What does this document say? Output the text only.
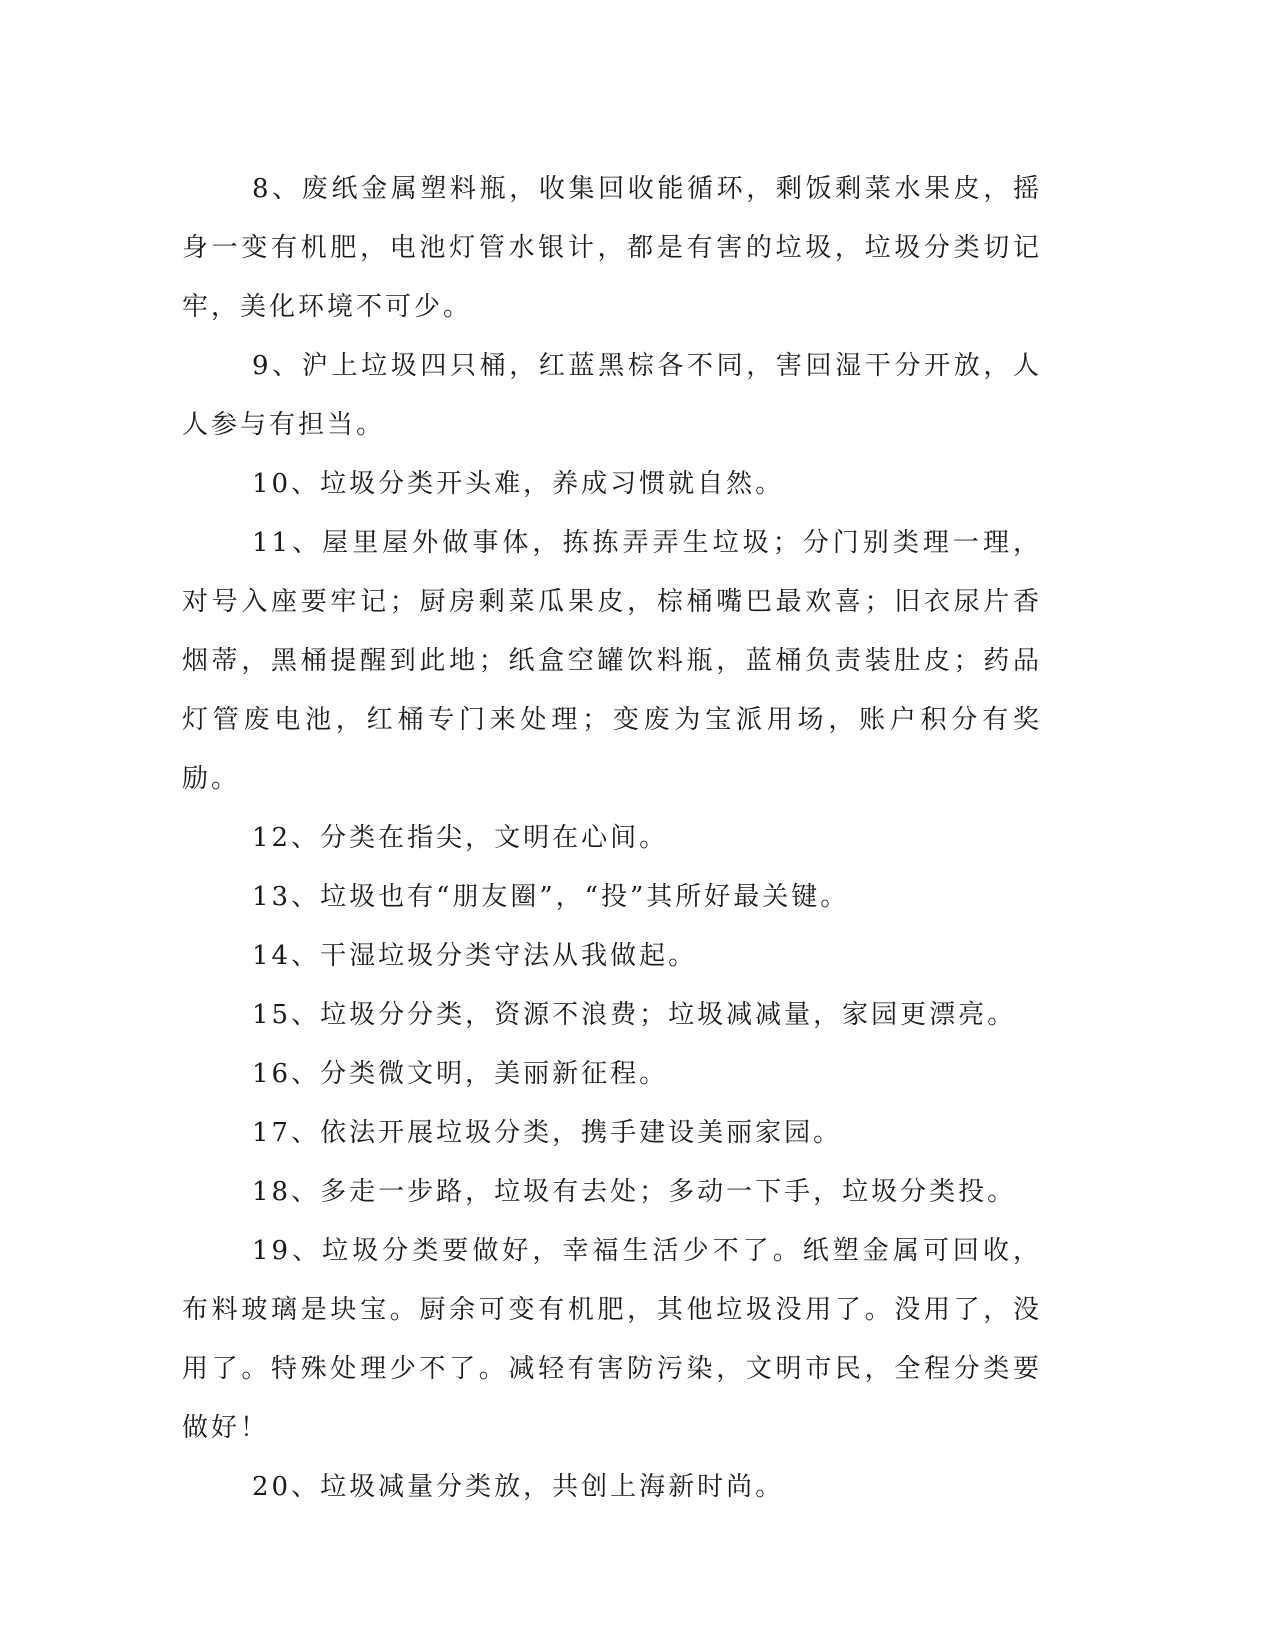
8、废纸金属塑料瓶，收集回收能循环，剩饭剩菜水果皮，摇身一变有机肥，电池灯管水银计，都是有害的垃圾，垃圾分类切记牢，美化环境不可少。

9、沪上垃圾四只桶，红蓝黑棕各不同，害回湿干分开放，人人参与有担当。

10、垃圾分类开头难，养成习惯就自然。

11、屋里屋外做事体，拣拣弄弄生垃圾；分门别类理一理，对号入座要牢记；厨房剩菜瓜果皮，棕桶嘴巴最欢喜；旧衣尿片香烟蒂，黑桶提醒到此地；纸盒空罐饮料瓶，蓝桶负责装肚皮；药品灯管废电池，红桶专门来处理；变废为宝派用场，账户积分有奖励。

12、分类在指尖，文明在心间。

13、垃圾也有“朋友圈”，“投”其所好最关键。

14、干湿垃圾分类守法从我做起。

15、垃圾分分类，资源不浪费；垃圾减减量，家园更漂亮。

16、分类微文明，美丽新征程。

17、依法开展垃圾分类，携手建设美丽家园。

18、多走一步路，垃圾有去处；多动一下手，垃圾分类投。

19、垃圾分类要做好，幸福生活少不了。纸塑金属可回收，布料玻璃是块宝。厨余可变有机肥，其他垃圾没用了。没用了，没用了。特殊处理少不了。减轻有害防污染，文明市民，全程分类要做好！

20、垃圾减量分类放，共创上海新时尚。
